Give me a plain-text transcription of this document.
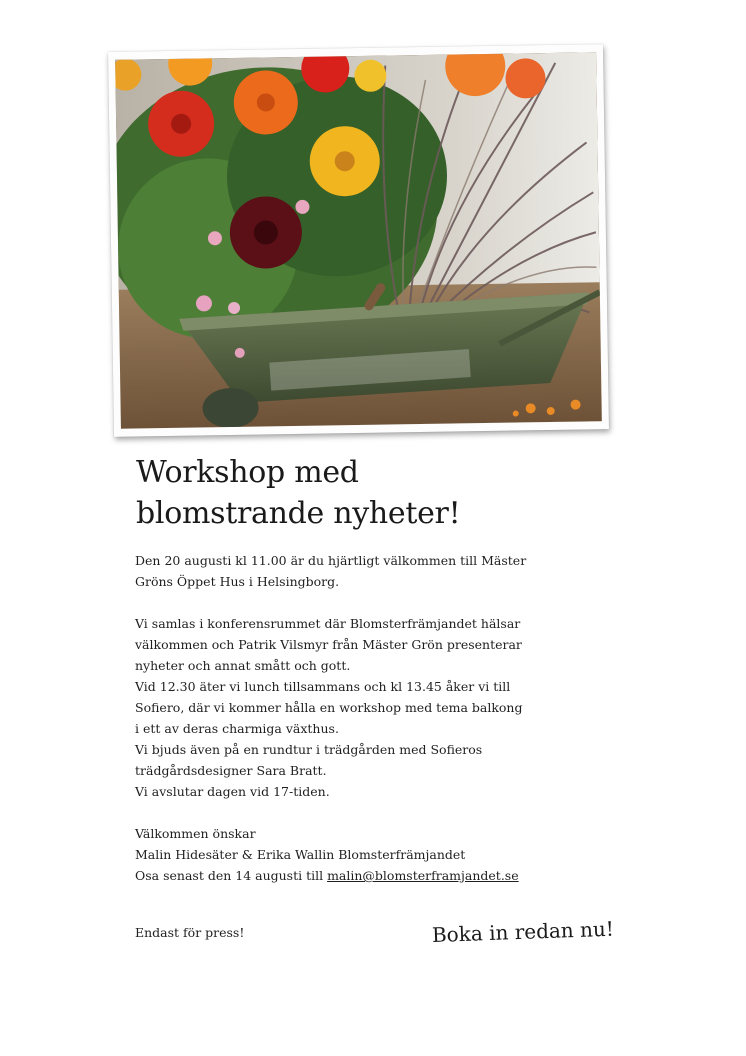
Workshop med
blomstrande nyheter!

Den 20 augusti kl 11.00 är du hjärtligt välkommen till Mäster
Gröns Öppet Hus i Helsingborg.

Vi samlas i konferensrummet där Blomsterfrämjandet hälsar
välkommen och Patrik Vilsmyr från Mäster Grön presenterar
nyheter och annat smått och gott.
Vid 12.30 äter vi lunch tillsammans och kl 13.45 åker vi till
Sofiero, där vi kommer hålla en workshop med tema balkong
i ett av deras charmiga växthus.
Vi bjuds även på en rundtur i trädgården med Sofieros
trädgårdsdesigner Sara Bratt.
Vi avslutar dagen vid 17-tiden.

Välkommen önskar
Malin Hidesäter & Erika Wallin Blomsterfrämjandet
Osa senast den 14 augusti till malin@blomsterframjandet.se

Endast för press!	Boka in redan nu!
